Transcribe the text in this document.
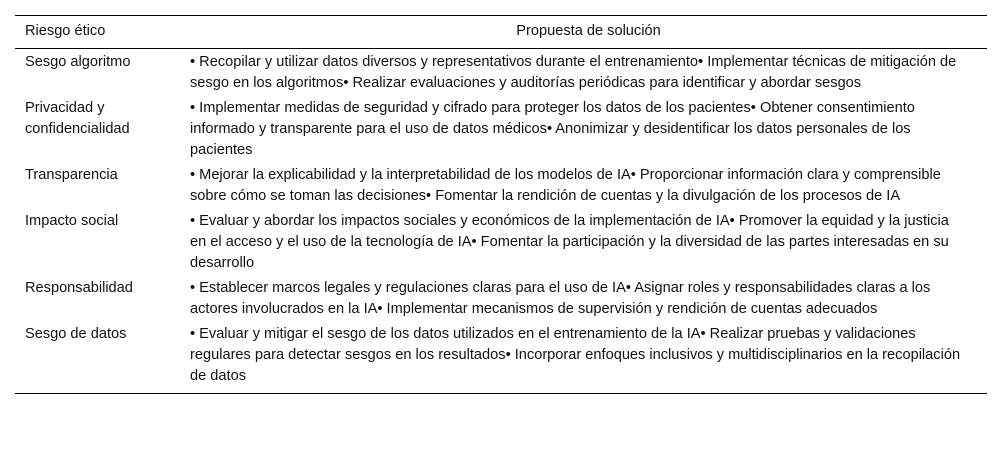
Riesgo ético	Propuesta de solución
Sesgo algoritmo	• Recopilar y utilizar datos diversos y representativos durante el entrenamiento• Implementar técnicas de mitigación de sesgo en los algoritmos• Realizar evaluaciones y auditorías periódicas para identificar y abordar sesgos
Privacidad y confidencialidad	• Implementar medidas de seguridad y cifrado para proteger los datos de los pacientes• Obtener consentimiento informado y transparente para el uso de datos médicos• Anonimizar y desidentificar los datos personales de los pacientes
Transparencia	• Mejorar la explicabilidad y la interpretabilidad de los modelos de IA• Proporcionar información clara y comprensible sobre cómo se toman las decisiones• Fomentar la rendición de cuentas y la divulgación de los procesos de IA
Impacto social	• Evaluar y abordar los impactos sociales y económicos de la implementación de IA• Promover la equidad y la justicia en el acceso y el uso de la tecnología de IA• Fomentar la participación y la diversidad de las partes interesadas en su desarrollo
Responsabilidad	• Establecer marcos legales y regulaciones claras para el uso de IA• Asignar roles y responsabilidades claras a los actores involucrados en la IA• Implementar mecanismos de supervisión y rendición de cuentas adecuados
Sesgo de datos	• Evaluar y mitigar el sesgo de los datos utilizados en el entrenamiento de la IA• Realizar pruebas y validaciones regulares para detectar sesgos en los resultados• Incorporar enfoques inclusivos y multidisciplinarios en la recopilación de datos
